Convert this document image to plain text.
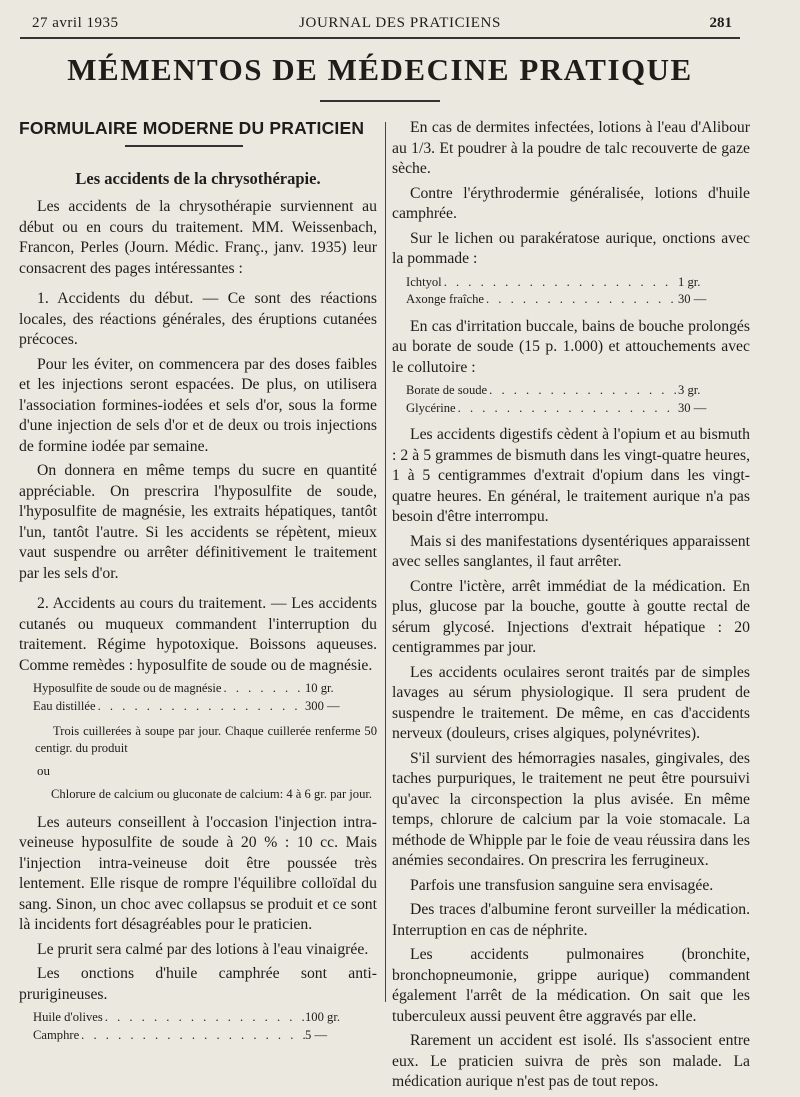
27 avril 1935	JOURNAL DES PRATICIENS	281
MÉMENTOS DE MÉDECINE PRATIQUE
FORMULAIRE MODERNE DU PRATICIEN
Les accidents de la chrysothérapie.

Les accidents de la chrysothérapie surviennent au début ou en cours du traitement. MM. Weissenbach, Francon, Perles (Journ. Médic. Franç., janv. 1935) leur consacrent des pages intéressantes :

1. Accidents du début. — Ce sont des réactions locales, des réactions générales, des éruptions cutanées précoces.

Pour les éviter, on commencera par des doses faibles et les injections seront espacées. De plus, on utilisera l'association formines-iodées et sels d'or, sous la forme d'une injection de sels d'or et de deux ou trois injections de formine iodée par semaine.

On donnera en même temps du sucre en quantité appréciable. On prescrira l'hyposulfite de soude, l'hyposulfite de magnésie, les extraits hépatiques, tantôt l'un, tantôt l'autre. Si les accidents se répètent, mieux vaut suspendre ou arrêter définitivement le traitement par les sels d'or.

2. Accidents au cours du traitement. — Les accidents cutanés ou muqueux commandent l'interruption du traitement. Régime hypotoxique. Boissons aqueuses. Comme remèdes : hyposulfite de soude ou de magnésie.

Hyposulfite de soude ou de magnésie . . .	10 gr.
Eau distillée . . .	300 —

Trois cuillerées à soupe par jour. Chaque cuillerée renferme 50 centigr. du produit

ou

Chlorure de calcium ou gluconate de calcium: 4 à 6 gr. par jour.

Les auteurs conseillent à l'occasion l'injection intra-veineuse hyposulfite de soude à 20 % : 10 cc. Mais l'injection intra-veineuse doit être poussée très lentement. Elle risque de rompre l'équilibre colloïdal du sang. Sinon, un choc avec collapsus se produit et ce sont là incidents fort désagréables pour le praticien.

Le prurit sera calmé par des lotions à l'eau vinaigrée.

Les onctions d'huile camphrée sont anti-prurigineuses.

Huile d'olives . . .	100 gr.
Camphre . . .	5 —

En cas de dermites infectées, lotions à l'eau d'Alibour au 1/3. Et poudrer à la poudre de talc recouverte de gaze sèche.

Contre l'érythrodermie généralisée, lotions d'huile camphrée.

Sur le lichen ou parakératose aurique, onctions avec la pommade :

Ichtyol . . .	1 gr.
Axonge fraîche . . .	30 —

En cas d'irritation buccale, bains de bouche prolongés au borate de soude (15 p. 1.000) et attouchements avec le collutoire :

Borate de soude . . .	3 gr.
Glycérine . . .	30 —

Les accidents digestifs cèdent à l'opium et au bismuth : 2 à 5 grammes de bismuth dans les vingt-quatre heures, 1 à 5 centigrammes d'extrait d'opium dans les vingt-quatre heures. En général, le traitement aurique n'a pas besoin d'être interrompu.

Mais si des manifestations dysentériques apparaissent avec selles sanglantes, il faut arrêter.

Contre l'ictère, arrêt immédiat de la médication. En plus, glucose par la bouche, goutte à goutte rectal de sérum glycosé. Injections d'extrait hépatique : 20 centigrammes par jour.

Les accidents oculaires seront traités par de simples lavages au sérum physiologique. Il sera prudent de suspendre le traitement. De même, en cas d'accidents nerveux (douleurs, crises algiques, polynévrites).

S'il survient des hémorragies nasales, gingivales, des taches purpuriques, le traitement ne peut être poursuivi qu'avec la circonspection la plus avisée. En même temps, chlorure de calcium par la voie stomacale. La méthode de Whipple par le foie de veau réussira dans les anémies secondaires. On prescrira les ferrugineux.

Parfois une transfusion sanguine sera envisagée.

Des traces d'albumine feront surveiller la médication. Interruption en cas de néphrite.

Les accidents pulmonaires (bronchite, bronchopneumonie, grippe aurique) commandent également l'arrêt de la médication. On sait que les tuberculeux aussi peuvent être aggravés par elle.

Rarement un accident est isolé. Ils s'associent entre eux. Le praticien suivra de près son malade. La médication aurique n'est pas de tout repos.
